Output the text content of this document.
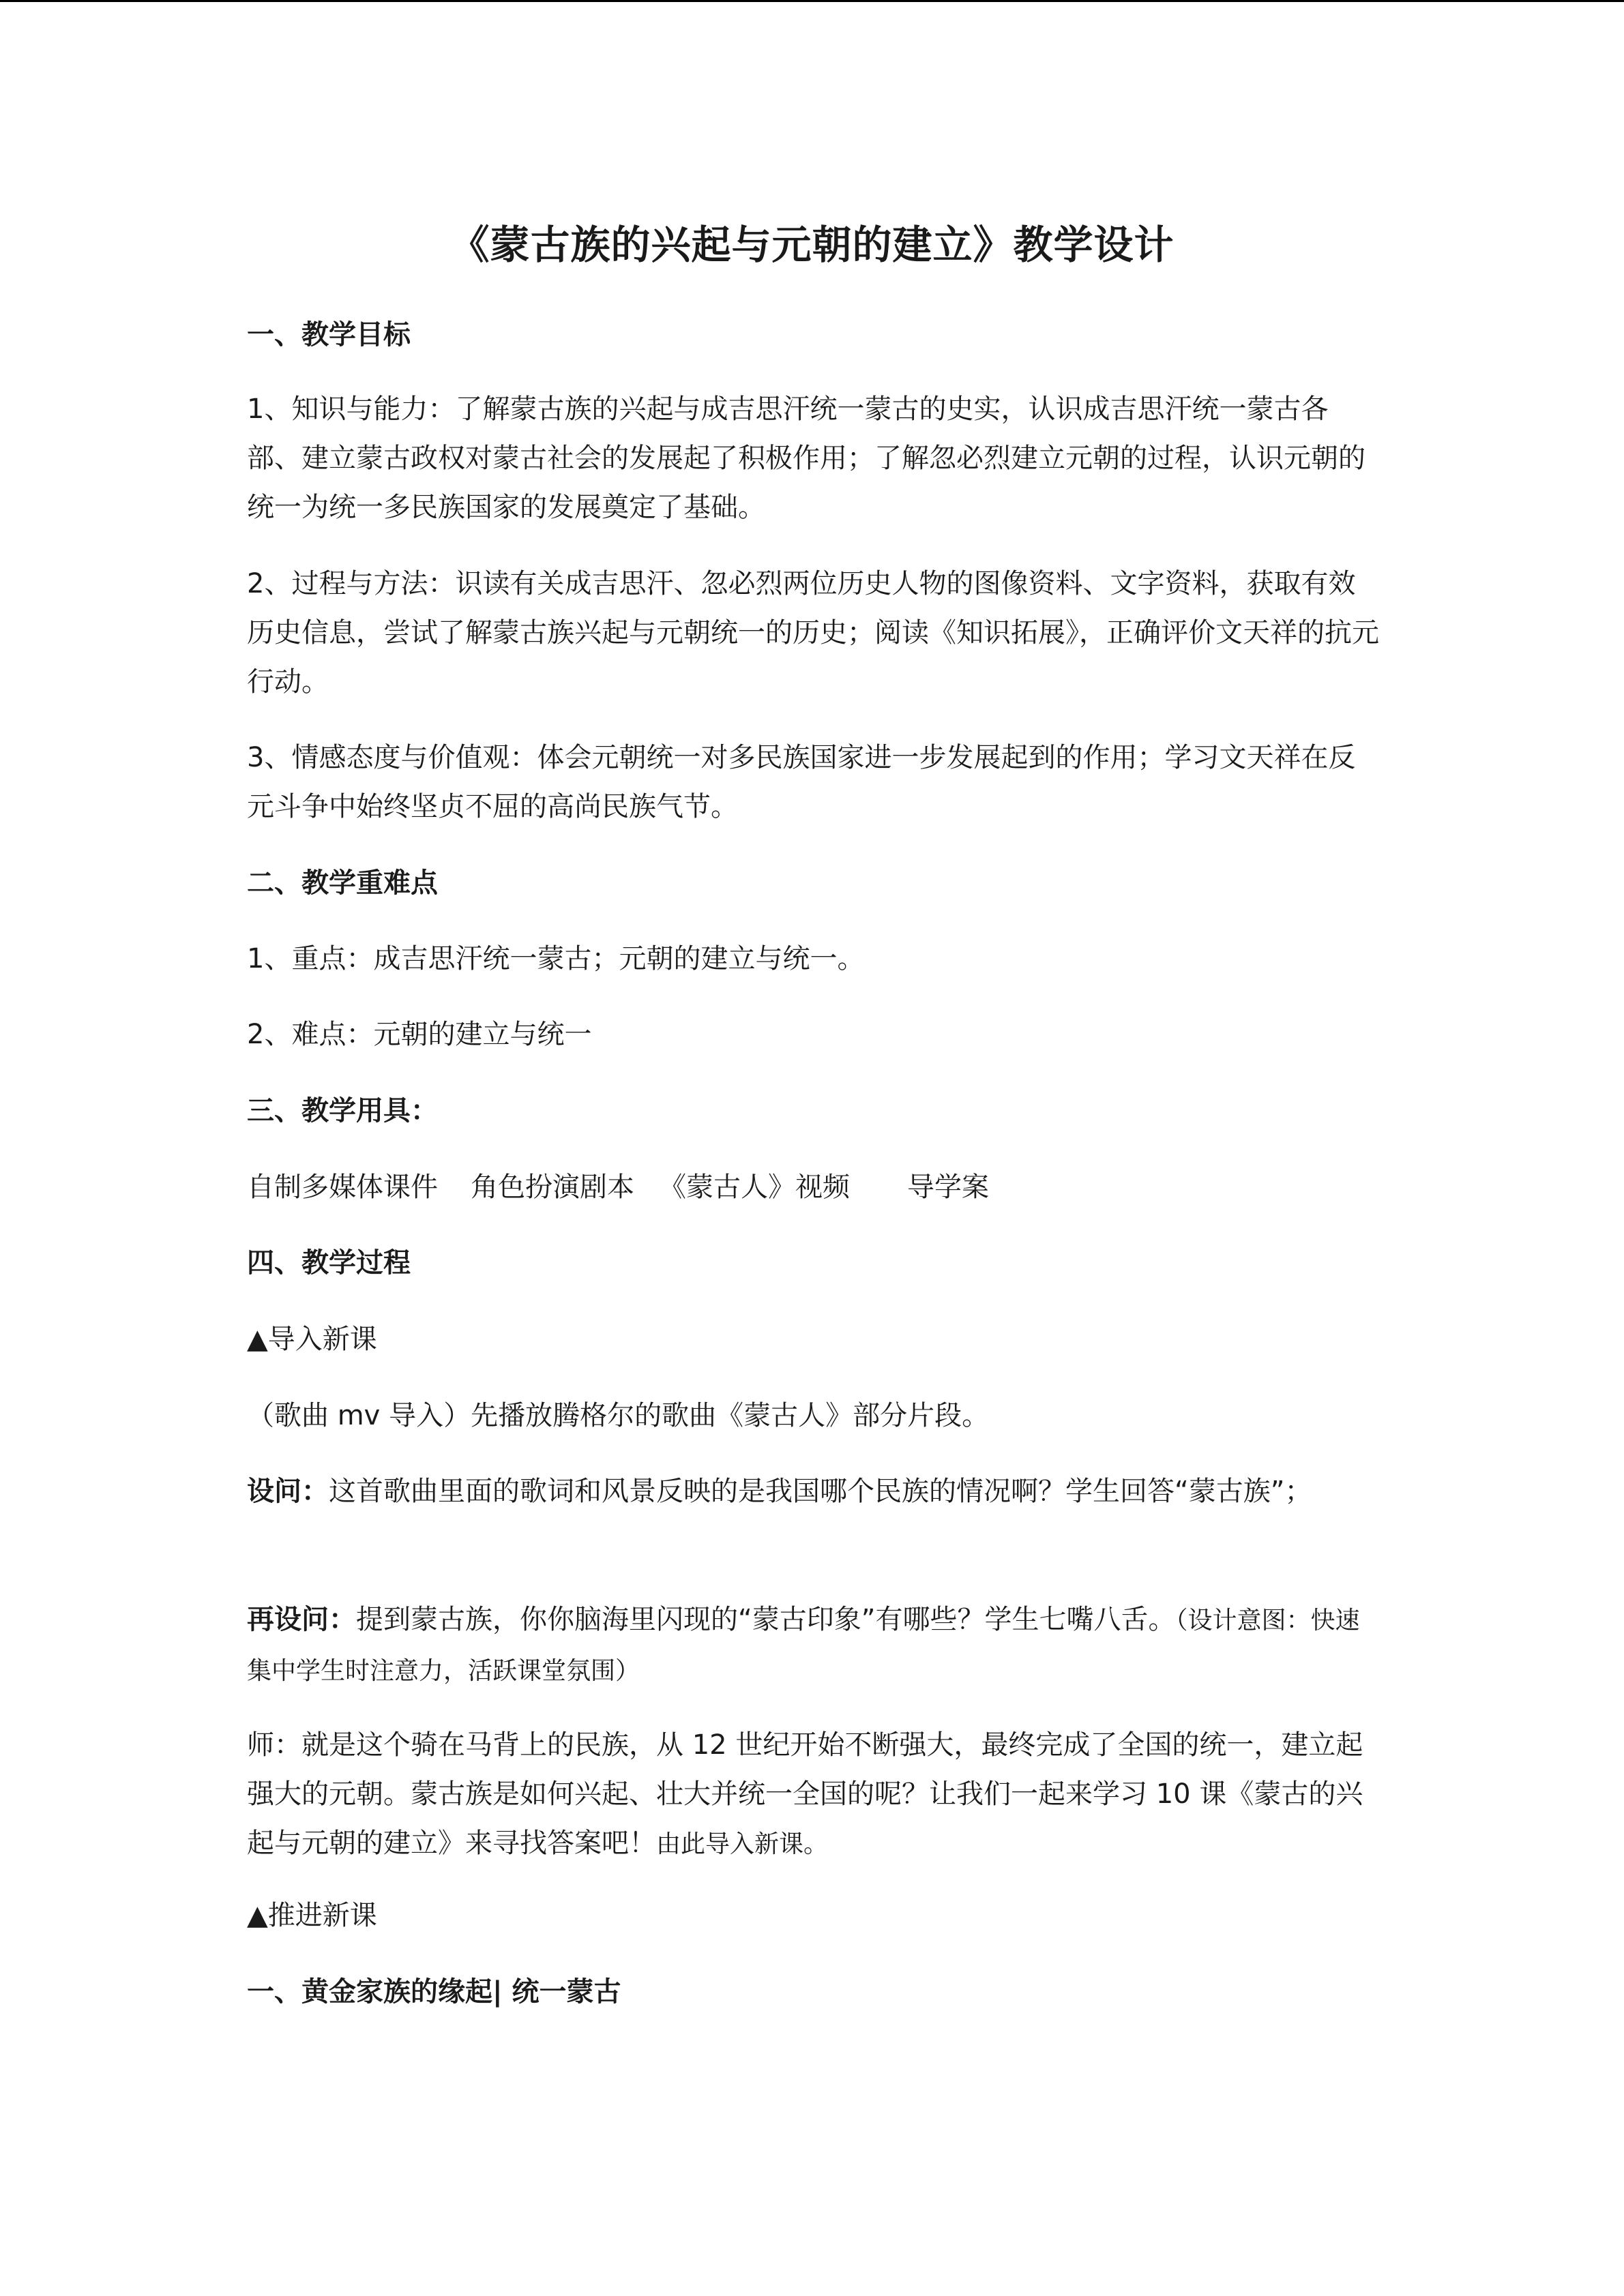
《蒙古族的兴起与元朝的建立》教学设计

一、教学目标

1、知识与能力：了解蒙古族的兴起与成吉思汗统一蒙古的史实，认识成吉思汗统一蒙古各部、建立蒙古政权对蒙古社会的发展起了积极作用；了解忽必烈建立元朝的过程，认识元朝的统一为统一多民族国家的发展奠定了基础。

2、过程与方法：识读有关成吉思汗、忽必烈两位历史人物的图像资料、文字资料，获取有效历史信息，尝试了解蒙古族兴起与元朝统一的历史；阅读《知识拓展》，正确评价文天祥的抗元行动。

3、情感态度与价值观：体会元朝统一对多民族国家进一步发展起到的作用；学习文天祥在反元斗争中始终坚贞不屈的高尚民族气节。

二、教学重难点

1、重点：成吉思汗统一蒙古；元朝的建立与统一。

2、难点：元朝的建立与统一

三、教学用具：

自制多媒体课件 角色扮演剧本 《蒙古人》视频 导学案

四、教学过程

▲导入新课

（歌曲 mv 导入）先播放腾格尔的歌曲《蒙古人》部分片段。

设问：这首歌曲里面的歌词和风景反映的是我国哪个民族的情况啊？学生回答“蒙古族”；

再设问：提到蒙古族，你你脑海里闪现的“蒙古印象”有哪些？学生七嘴八舌。（设计意图：快速集中学生时注意力，活跃课堂氛围）

师：就是这个骑在马背上的民族，从 12 世纪开始不断强大，最终完成了全国的统一，建立起强大的元朝。蒙古族是如何兴起、壮大并统一全国的呢？让我们一起来学习 10 课《蒙古的兴起与元朝的建立》来寻找答案吧！由此导入新课。

▲推进新课

一、黄金家族的缘起| 统一蒙古
